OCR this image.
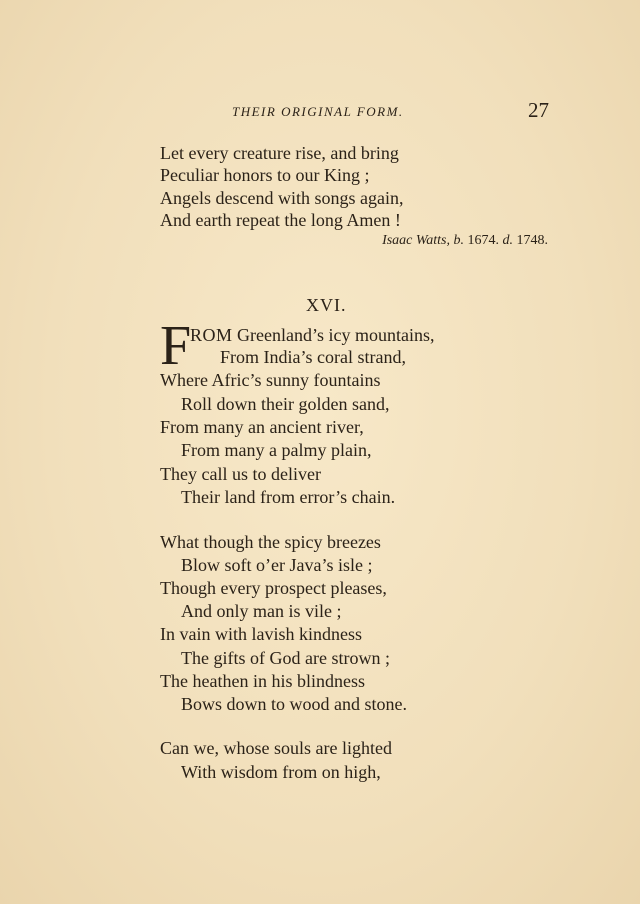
THEIR ORIGINAL FORM.	27
Let every creature rise, and bring
Peculiar honors to our King ;
Angels descend with songs again,
And earth repeat the long Amen !
Isaac Watts, b. 1674. d. 1748.
XVI.
F
ROM Greenland’s icy mountains,
From India’s coral strand,
Where Afric’s sunny fountains
Roll down their golden sand,
From many an ancient river,
From many a palmy plain,
They call us to deliver
Their land from error’s chain.
What though the spicy breezes
Blow soft o’er Java’s isle ;
Though every prospect pleases,
And only man is vile ;
In vain with lavish kindness
The gifts of God are strown ;
The heathen in his blindness
Bows down to wood and stone.
Can we, whose souls are lighted
With wisdom from on high,
